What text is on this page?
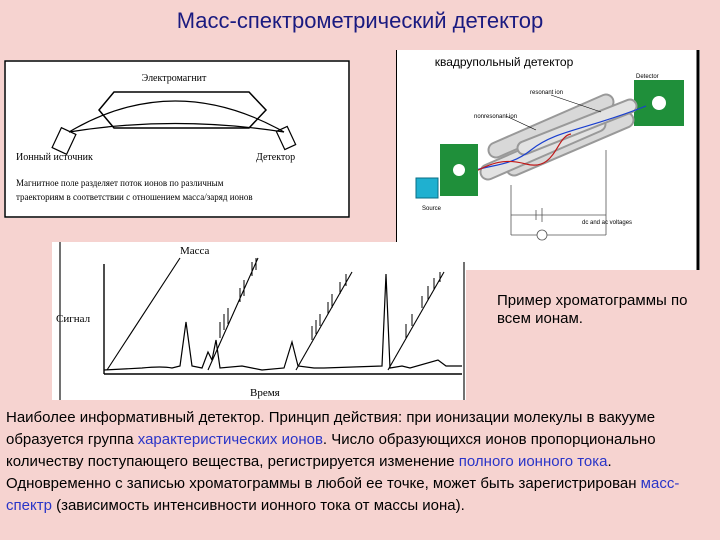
Масс-спектрометрический детектор
Электромагнит
Ионный источник	Детектор
Магнитное поле разделяет поток ионов по различным
траекториям в соответствии с отношением масса/заряд ионов
квадрупольный детектор
Detector
resonant ion
nonresonant ion
Source
dc and ac voltages
Масса
Сигнал
Время
Пример хроматограммы по всем ионам.
Наиболее информативный детектор. Принцип действия: при ионизации молекулы в вакууме образуется группа характеристических ионов. Число образующихся ионов пропорционально количеству поступающего вещества, регистрируется изменение полного ионного тока. Одновременно с записью хроматограммы в любой ее точке, может быть зарегистрирован масс-спектр (зависимость интенсивности ионного тока от массы иона).
